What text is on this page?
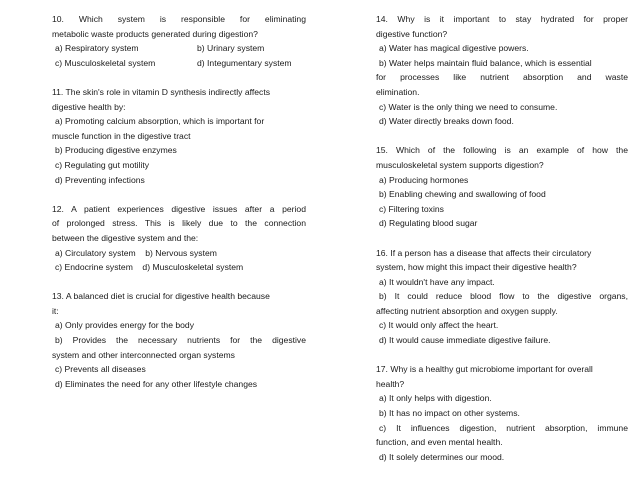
10. Which system is responsible for eliminating
metabolic waste products generated during digestion?
a) Respiratory system	b) Urinary system
c) Musculoskeletal system	d) Integumentary system
11. The skin's role in vitamin D synthesis indirectly affects
digestive health by:
a) Promoting calcium absorption, which is important for
muscle function in the digestive tract
b) Producing digestive enzymes
c) Regulating gut motility
d) Preventing infections
12. A patient experiences digestive issues after a period
of prolonged stress. This is likely due to the connection
between the digestive system and the:
a) Circulatory system b) Nervous system
c) Endocrine system d) Musculoskeletal system
13. A balanced diet is crucial for digestive health because
it:
a) Only provides energy for the body
b) Provides the necessary nutrients for the digestive
system and other interconnected organ systems
c) Prevents all diseases
d) Eliminates the need for any other lifestyle changes
14. Why is it important to stay hydrated for proper
digestive function?
a) Water has magical digestive powers.
b) Water helps maintain fluid balance, which is essential
for processes like nutrient absorption and waste
elimination.
c) Water is the only thing we need to consume.
d) Water directly breaks down food.
15. Which of the following is an example of how the
musculoskeletal system supports digestion?
a) Producing hormones
b) Enabling chewing and swallowing of food
c) Filtering toxins
d) Regulating blood sugar
16. If a person has a disease that affects their circulatory
system, how might this impact their digestive health?
a) It wouldn't have any impact.
b) It could reduce blood flow to the digestive organs,
affecting nutrient absorption and oxygen supply.
c) It would only affect the heart.
d) It would cause immediate digestive failure.
17. Why is a healthy gut microbiome important for overall
health?
a) It only helps with digestion.
b) It has no impact on other systems.
c) It influences digestion, nutrient absorption, immune
function, and even mental health.
d) It solely determines our mood.
